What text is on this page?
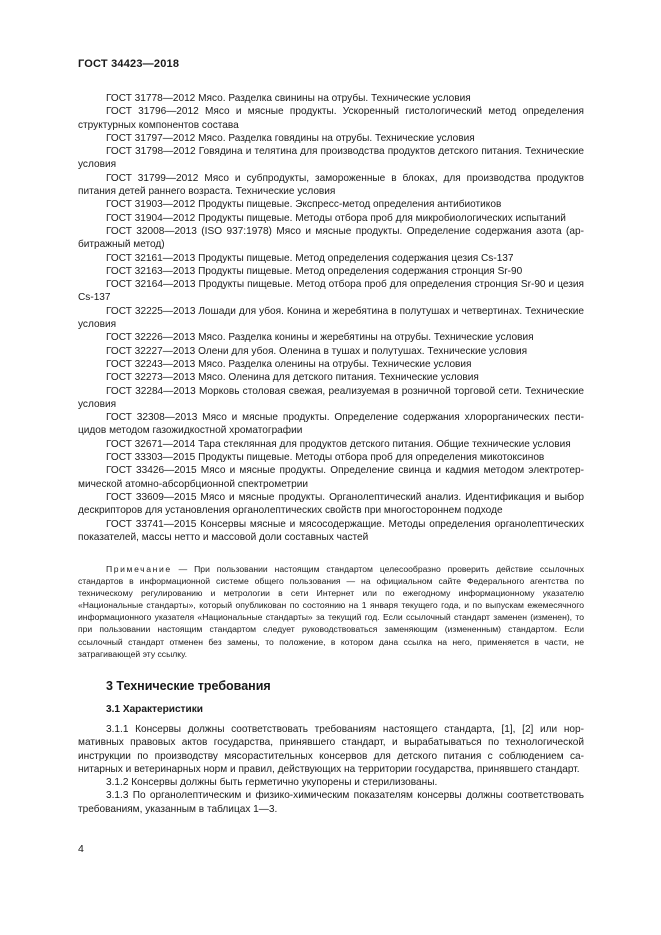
ГОСТ 34423—2018

ГОСТ 31778—2012 Мясо. Разделка свинины на отрубы. Технические условия

ГОСТ 31796—2012 Мясо и мясные продукты. Ускоренный гистологический метод определения структурных компонентов состава

ГОСТ 31797—2012 Мясо. Разделка говядины на отрубы. Технические условия

ГОСТ 31798—2012 Говядина и телятина для производства продуктов детского питания. Технические условия

ГОСТ 31799—2012 Мясо и субпродукты, замороженные в блоках, для производства продуктов питания детей раннего возраста. Технические условия

ГОСТ 31903—2012 Продукты пищевые. Экспресс-метод определения антибиотиков

ГОСТ 31904—2012 Продукты пищевые. Методы отбора проб для микробиологических испытаний

ГОСТ 32008—2013 (ISO 937:1978) Мясо и мясные продукты. Определение содержания азота (арбитражный метод)

ГОСТ 32161—2013 Продукты пищевые. Метод определения содержания цезия Cs-137

ГОСТ 32163—2013 Продукты пищевые. Метод определения содержания стронция Sr-90

ГОСТ 32164—2013 Продукты пищевые. Метод отбора проб для определения стронция Sr-90 и цезия Cs-137

ГОСТ 32225—2013 Лошади для убоя. Конина и жеребятина в полутушах и четвертинах. Технические условия

ГОСТ 32226—2013 Мясо. Разделка конины и жеребятины на отрубы. Технические условия

ГОСТ 32227—2013 Олени для убоя. Оленина в тушах и полутушах. Технические условия

ГОСТ 32243—2013 Мясо. Разделка оленины на отрубы. Технические условия

ГОСТ 32273—2013 Мясо. Оленина для детского питания. Технические условия

ГОСТ 32284—2013 Морковь столовая свежая, реализуемая в розничной торговой сети. Технические условия

ГОСТ 32308—2013 Мясо и мясные продукты. Определение содержания хлорорганических пестицидов методом газожидкостной хроматографии

ГОСТ 32671—2014 Тара стеклянная для продуктов детского питания. Общие технические условия

ГОСТ 33303—2015 Продукты пищевые. Методы отбора проб для определения микотоксинов

ГОСТ 33426—2015 Мясо и мясные продукты. Определение свинца и кадмия методом электротермической атомно-абсорбционной спектрометрии

ГОСТ 33609—2015 Мясо и мясные продукты. Органолептический анализ. Идентификация и выбор дескрипторов для установления органолептических свойств при многостороннем подходе

ГОСТ 33741—2015 Консервы мясные и мясосодержащие. Методы определения органолептических показателей, массы нетто и массовой доли составных частей

Примечание — При пользовании настоящим стандартом целесообразно проверить действие ссылочных стандартов в информационной системе общего пользования — на официальном сайте Федерального агентства по техническому регулированию и метрологии в сети Интернет или по ежегодному информационному указателю «Национальные стандарты», который опубликован по состоянию на 1 января текущего года, и по выпускам ежемесячного информационного указателя «Национальные стандарты» за текущий год. Если ссылочный стандарт заменен (изменен), то при пользовании настоящим стандартом следует руководствоваться заменяющим (измененным) стандартом. Если ссылочный стандарт отменен без замены, то положение, в котором дана ссылка на него, применяется в части, не затрагивающей эту ссылку.

3 Технические требования
3.1 Характеристики

3.1.1 Консервы должны соответствовать требованиям настоящего стандарта, [1], [2] или нормативных правовых актов государства, принявшего стандарт, и вырабатываться по технологической инструкции по производству мясорастительных консервов для детского питания с соблюдением санитарных и ветеринарных норм и правил, действующих на территории государства, принявшего стандарт.

3.1.2 Консервы должны быть герметично укупорены и стерилизованы.

3.1.3 По органолептическим и физико-химическим показателям консервы должны соответствовать требованиям, указанным в таблицах 1—3.

4
